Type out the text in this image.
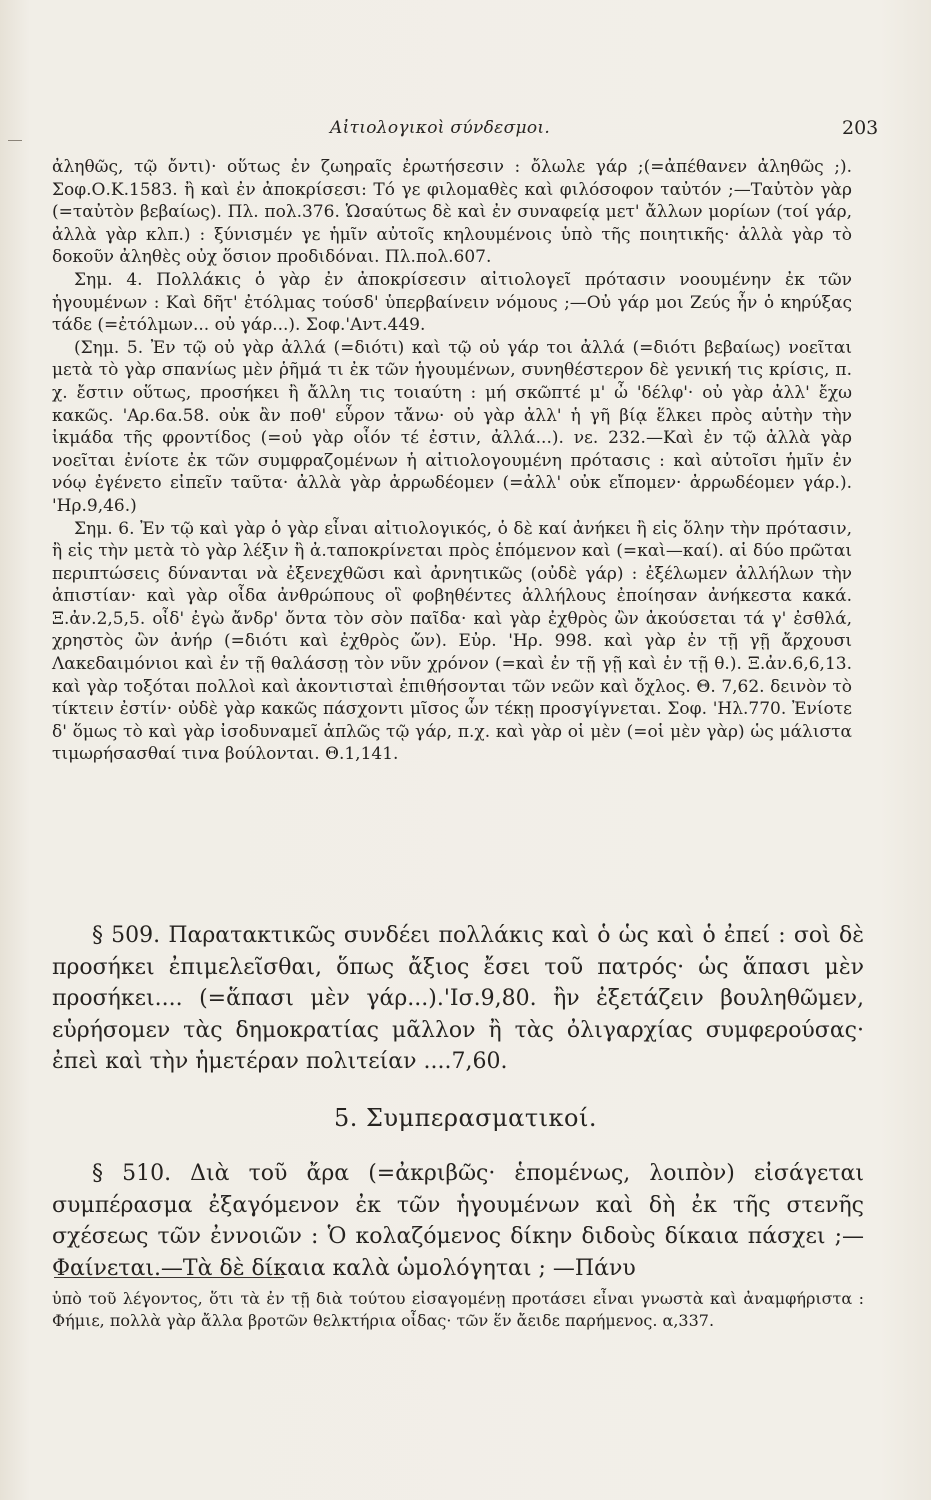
Αἰτιολογικοὶ σύνδεσμοι.	203

ἀληθῶς, τῷ ὄντι)· οὕτως ἐν ζωηραῖς ἐρωτήσεσιν : ὄλωλε γάρ ;(=ἀπέθανεν ἀληθῶς ;). Σοφ.Ο.Κ.1583. ἢ καὶ ἐν ἀποκρίσεσι: Τό γε φιλομαθὲς καὶ φιλόσοφον ταὐτόν ;—Ταὐτὸν γὰρ (=ταὐτὸν βεβαίως). Πλ. πολ.376. Ὡσαύτως δὲ καὶ ἐν συναφείᾳ μετ' ἄλλων μορίων (τοί γάρ, ἀλλὰ γὰρ κλπ.) : ξύνισμέν γε ἡμῖν αὐτοῖς κηλουμένοις ὑπὸ τῆς ποιητικῆς· ἀλλὰ γὰρ τὸ δοκοῦν ἀληθὲς οὐχ ὅσιον προδιδόναι. Πλ.πολ.607.

Σημ. 4. Πολλάκις ὁ γὰρ ἐν ἀποκρίσεσιν αἰτιολογεῖ πρότασιν νοουμένην ἐκ τῶν ἡγουμένων : Καὶ δῆτ' ἐτόλμας τούσδ' ὑπερβαίνειν νόμους ;—Οὐ γάρ μοι Ζεύς ἦν ὁ κηρύξας τάδε (=ἐτόλμων... οὐ γάρ...). Σοφ.'Αντ.449.

(Σημ. 5. Ἐν τῷ οὐ γὰρ ἀλλά (=διότι) καὶ τῷ οὐ γάρ τοι ἀλλά (=διότι βεβαίως) νοεῖται μετὰ τὸ γὰρ σπανίως μὲν ῥῆμά τι ἐκ τῶν ἡγουμένων, συνηθέστερον δὲ γενική τις κρίσις, π. χ. ἔστιν οὕτως, προσήκει ἢ ἄλλη τις τοιαύτη : μή σκῶπτέ μ' ὦ 'δέλφ'· οὐ γὰρ ἀλλ' ἔχω κακῶς. 'Αρ.6α.58. οὐκ ἂν ποθ' εὗρον τἄνω· οὐ γὰρ ἀλλ' ἡ γῆ βίᾳ ἕλκει πρὸς αὑτὴν τὴν ἰκμάδα τῆς φροντίδος (=οὐ γὰρ οἷόν τέ ἐστιν, ἀλλά...). νε. 232.—Καὶ ἐν τῷ ἀλλὰ γὰρ νοεῖται ἐνίοτε ἐκ τῶν συμφραζομένων ἡ αἰτιολογουμένη πρότασις : καὶ αὐτοῖσι ἡμῖν ἐν νόῳ ἐγένετο εἰπεῖν ταῦτα· ἀλλὰ γὰρ ἀρρωδέομεν (=ἀλλ' οὐκ εἴπομεν· ἀρρωδέομεν γάρ.). 'Ηρ.9,46.)

Σημ. 6. Ἐν τῷ καὶ γὰρ ὁ γὰρ εἶναι αἰτιολογικός, ὁ δὲ καί ἀνήκει ἢ εἰς ὅλην τὴν πρότασιν, ἢ εἰς τὴν μετὰ τὸ γὰρ λέξιν ἢ ἀ.ταποκρίνεται πρὸς ἑπόμενον καὶ (=καὶ—καί). αἱ δύο πρῶται περιπτώσεις δύνανται νὰ ἐξενεχθῶσι καὶ ἀρνητικῶς (οὐδὲ γάρ) : ἐξέλωμεν ἀλλήλων τὴν ἀπιστίαν· καὶ γὰρ οἶδα ἀνθρώπους οἳ φοβηθέντες ἀλλήλους ἐποίησαν ἀνήκεστα κακά. Ξ.ἀν.2,5,5. οἶδ' ἐγὼ ἄνδρ' ὄντα τὸν σὸν παῖδα· καὶ γὰρ ἐχθρὸς ὢν ἀκούσεται τά γ' ἐσθλά, χρηστὸς ὢν ἀνήρ (=διότι καὶ ἐχθρὸς ὤν). Εὐρ. 'Ηρ. 998. καὶ γὰρ ἐν τῇ γῇ ἄρχουσι Λακεδαιμόνιοι καὶ ἐν τῇ θαλάσσῃ τὸν νῦν χρόνον (=καὶ ἐν τῇ γῇ καὶ ἐν τῇ θ.). Ξ.ἀν.6,6,13. καὶ γὰρ τοξόται πολλοὶ καὶ ἀκοντισταὶ ἐπιθήσονται τῶν νεῶν καὶ ὄχλος. Θ. 7,62. δεινὸν τὸ τίκτειν ἐστίν· οὐδὲ γὰρ κακῶς πάσχοντι μῖσος ὧν τέκῃ προσγίγνεται. Σοφ. 'Ηλ.770. Ἐνίοτε δ' ὅμως τὸ καὶ γὰρ ἰσοδυναμεῖ ἁπλῶς τῷ γάρ, π.χ. καὶ γὰρ οἱ μὲν (=οἱ μὲν γὰρ) ὡς μάλιστα τιμωρήσασθαί τινα βούλονται. Θ.1,141.

§ 509. Παρατακτικῶς συνδέει πολλάκις καὶ ὁ ὡς καὶ ὁ ἐπεί : σοὶ δὲ προσήκει ἐπιμελεῖσθαι, ὅπως ἄξιος ἔσει τοῦ πατρός· ὡς ἅπασι μὲν προσήκει.... (=ἅπασι μὲν γάρ...).'Ισ.9,80. ἢν ἐξετάζειν βουληθῶμεν, εὑρήσομεν τὰς δημοκρατίας μᾶλλον ἢ τὰς ὀλιγαρχίας συμφερούσας· ἐπεὶ καὶ τὴν ἡμετέραν πολιτείαν ....7,60.

5. Συμπερασματικοί.

§ 510. Διὰ τοῦ ἄρα (=ἀκριβῶς· ἑπομένως, λοιπὸν) εἰσάγεται συμπέρασμα ἐξαγόμενον ἐκ τῶν ἡγουμένων καὶ δὴ ἐκ τῆς στενῆς σχέσεως τῶν ἐννοιῶν : Ὁ κολαζόμενος δίκην διδοὺς δίκαια πάσχει ;—Φαίνεται.—Τὰ δὲ δίκαια καλὰ ὡμολόγηται ; —Πάνυ

ὑπὸ τοῦ λέγοντος, ὅτι τὰ ἐν τῇ διὰ τούτου εἰσαγομένῃ προτάσει εἶναι γνωστὰ καὶ ἀναμφήριστα : Φήμιε, πολλὰ γὰρ ἄλλα βροτῶν θελκτήρια οἶδας· τῶν ἕν ἄειδε παρήμενος. α,337.
